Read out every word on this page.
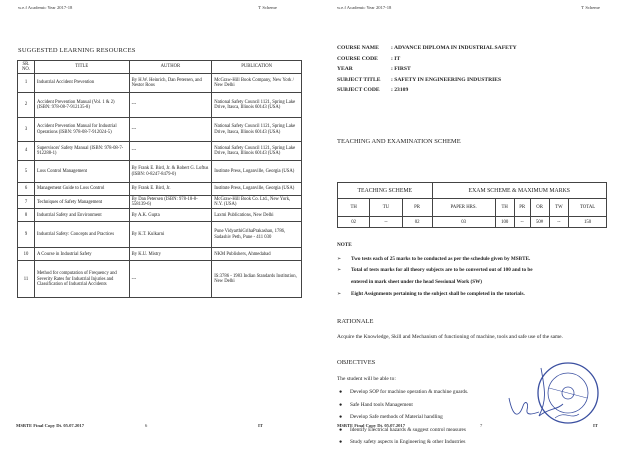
w.e.f Academic Year 2017-18	'I' Scheme
SUGGESTED LEARNING RESOURCES
SR. NO.	TITLE	AUTHOR	PUBLICATION
1	Industrial Accident Prevention	By H.W. Heinrich, Dan Petersen, and Nestor Roos	McGraw-Hill Book Company, New York / New Delhi
2	Accident Prevention Manual (Vol. 1 & 2) (ISBN: 978-08-7-912135-8)	---	National Safety Council 1121, Spring Lake Drive, Itasca, Illinois 60143 (USA)
3	Accident Prevention Manual for Industrial Operations (ISBN: 978-08-7-912024-5)	---	National Safety Council 1121, Spring Lake Drive, Itasca, Illinois 60143 (USA)
4	Supervisors' Safety Manual (ISBN: 978-08-7-912288-1)	---	National Safety Council 1121, Spring Lake Drive, Itasca, Illinois 60143 (USA)
5	Loss Control Management	By Frank E. Bird, Jr. & Robert G. Loftus (ISBN: 0-8247-8479-0)	Institute Press, Loganville, Georgia (USA)
6	Management Guide to Loss Control	By Frank E. Bird, Jr.	Institute Press, Loganville, Georgia (USA)
7	Techniques of Safety Management	By Dan Petersen (ISBN: 978-18-8-558139-6)	McGraw-Hill Book Co. Ltd., New York, N.Y. (USA)
8	Industrial Safety and Environment	By A.K. Gupta	Laxmi Publications, New Delhi
9	Industrial Safety: Concepts and Practices	By K.T. Kulkarni	Pune VidyarthiGrihaPrakashan, 1786, Sadashiv Peth, Pune - 411 030
10	A Course in Industrial Safety	By K.U. Mistry	NKM Publishers, Ahmedabad
11	Method for computation of Frequency and Severity Rates for Industrial Injuries and Classification of Industrial Accidents	---	IS:3786 - 1983 Indian Standards Institution, New Delhi
MSBTE Final Copy Dt. 05.07.2017	6	IT
w.e.f Academic Year 2017-18	'I' Scheme
COURSE NAME : ADVANCE DIPLOMA IN INDUSTRIAL SAFETY
COURSE CODE : IT
YEAR	: FIRST
SUBJECT TITLE : SAFETY IN ENGINEERING INDUSTRIES
SUBJECT CODE : 23109
TEACHING AND EXAMINATION SCHEME
TEACHING SCHEME			EXAM SCHEME & MAXIMUM MARKS					
TH	TU	PR	PAPER HRS.	TH	PR	OR	TW	TOTAL
02	--	02	03	100	--	50#	--	150
NOTE
➢ Two tests each of 25 marks to be conducted as per the schedule given by MSBTE.
➢ Total of tests marks for all theory subjects are to be converted out of 100 and to be
entered in mark sheet under the head Sessional Work (SW)
➢ Eight Assignments pertaining to the subject shall be completed in the tutorials.
RATIONALE
Acquire the Knowledge, Skill and Mechanism of functioning of machine, tools and safe use of the same.
OBJECTIVES
The student will be able to:
● Develop SOP for machine operation & machine guards.
● Safe Hand tools Management
● Develop Safe methods of Material handling
● Identify Electrical hazards & suggest control measures
● Study safety aspects in Engineering & other Industries
MSBTE Final Copy Dt. 05.07.2017	7	IT
